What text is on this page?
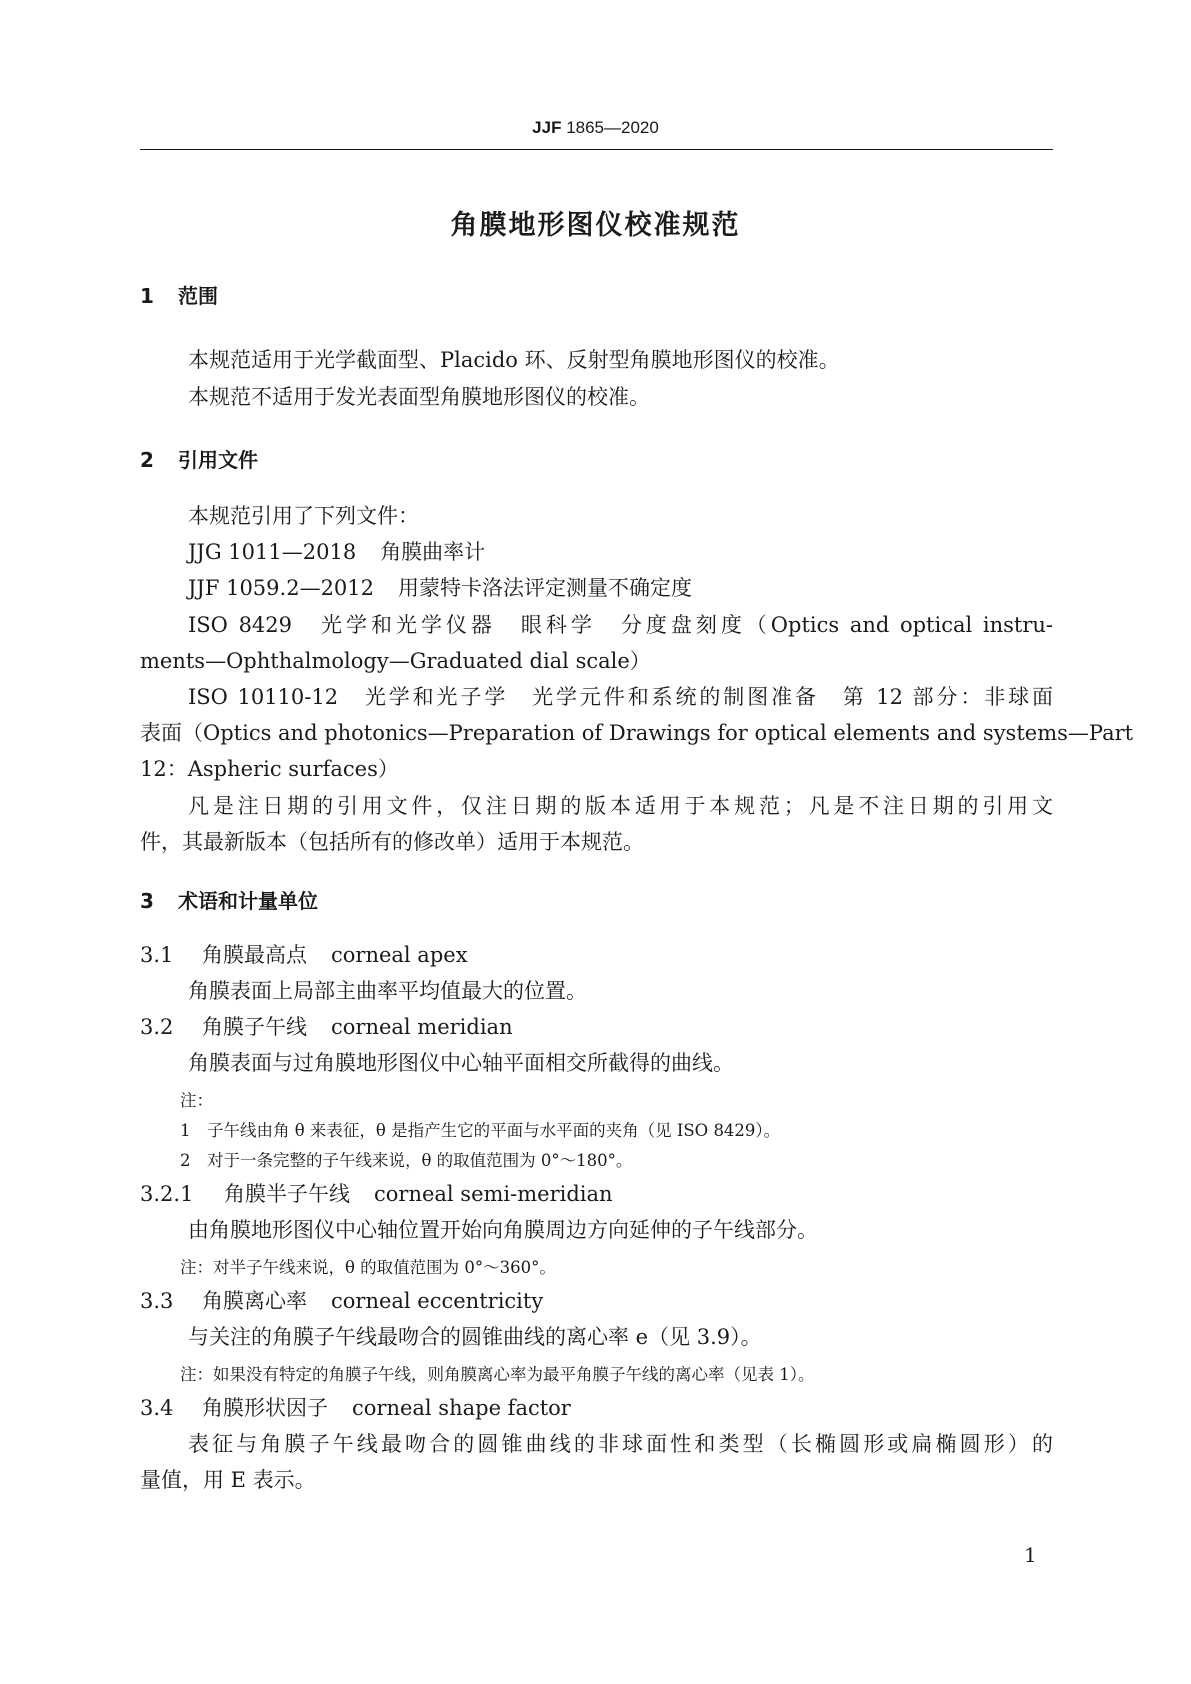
JJF 1865—2020
角膜地形图仪校准规范
1 范围
本规范适用于光学截面型、Placido 环、反射型角膜地形图仪的校准。
本规范不适用于发光表面型角膜地形图仪的校准。
2 引用文件
本规范引用了下列文件：
JJG 1011—2018 角膜曲率计
JJF 1059.2—2012 用蒙特卡洛法评定测量不确定度
ISO 8429　光学和光学仪器　眼科学　分度盘刻度（Optics and optical instru-
ments—Ophthalmology—Graduated dial scale）
ISO 10110-12　光学和光子学　光学元件和系统的制图准备　第 12 部分：非球面
表面（Optics and photonics—Preparation of Drawings for optical elements and systems—Part
12：Aspheric surfaces）
凡是注日期的引用文件，仅注日期的版本适用于本规范；凡是不注日期的引用文
件，其最新版本（包括所有的修改单）适用于本规范。
3 术语和计量单位
3.1 角膜最高点 corneal apex
角膜表面上局部主曲率平均值最大的位置。
3.2 角膜子午线 corneal meridian
角膜表面与过角膜地形图仪中心轴平面相交所截得的曲线。
注：
1　子午线由角 θ 来表征，θ 是指产生它的平面与水平面的夹角（见 ISO 8429）。
2　对于一条完整的子午线来说，θ 的取值范围为 0°～180°。
3.2.1 角膜半子午线 corneal semi-meridian
由角膜地形图仪中心轴位置开始向角膜周边方向延伸的子午线部分。
注：对半子午线来说，θ 的取值范围为 0°～360°。
3.3 角膜离心率 corneal eccentricity
与关注的角膜子午线最吻合的圆锥曲线的离心率 e（见 3.9）。
注：如果没有特定的角膜子午线，则角膜离心率为最平角膜子午线的离心率（见表 1）。
3.4 角膜形状因子 corneal shape factor
表征与角膜子午线最吻合的圆锥曲线的非球面性和类型（长椭圆形或扁椭圆形）的
量值，用 E 表示。
1
